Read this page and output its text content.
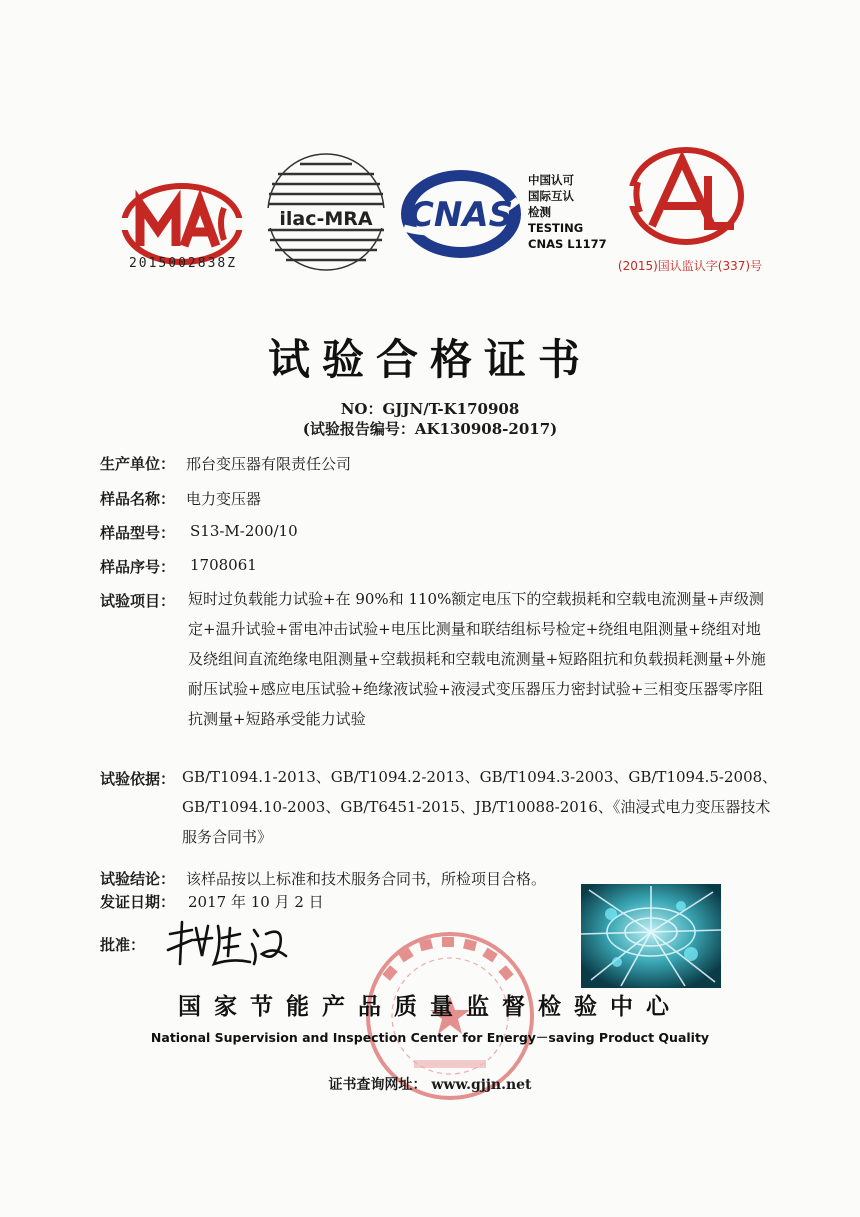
2015002838Z
ilac-MRA CNAS
中国认可
国际互认
检测
TESTING
CNAS L1177
(2015)国认监认字(337)号
试验合格证书
NO：GJJN/T-K170908
(试验报告编号：AK130908-2017)
生产单位： 邢台变压器有限责任公司
样品名称： 电力变压器
样品型号： S13-M-200/10
样品序号： 1708061
试验项目： 短时过负载能力试验+在 90%和 110%额定电压下的空载损耗和空载电流测量+声级测定+温升试验+雷电冲击试验+电压比测量和联结组标号检定+绕组电阻测量+绕组对地及绕组间直流绝缘电阻测量+空载损耗和空载电流测量+短路阻抗和负载损耗测量+外施耐压试验+感应电压试验+绝缘液试验+液浸式变压器压力密封试验+三相变压器零序阻抗测量+短路承受能力试验
试验依据： GB/T1094.1-2013、GB/T1094.2-2013、GB/T1094.3-2003、GB/T1094.5-2008、GB/T1094.10-2003、GB/T6451-2015、JB/T10088-2016、《油浸式电力变压器技术服务合同书》
试验结论： 该样品按以上标准和技术服务合同书，所检项目合格。
发证日期： 2017 年 10 月 2 日
批准：
国家节能产品质量监督检验中心
National Supervision and Inspection Center for Energy－saving Product Quality
证书查询网址： www.gjjn.net
